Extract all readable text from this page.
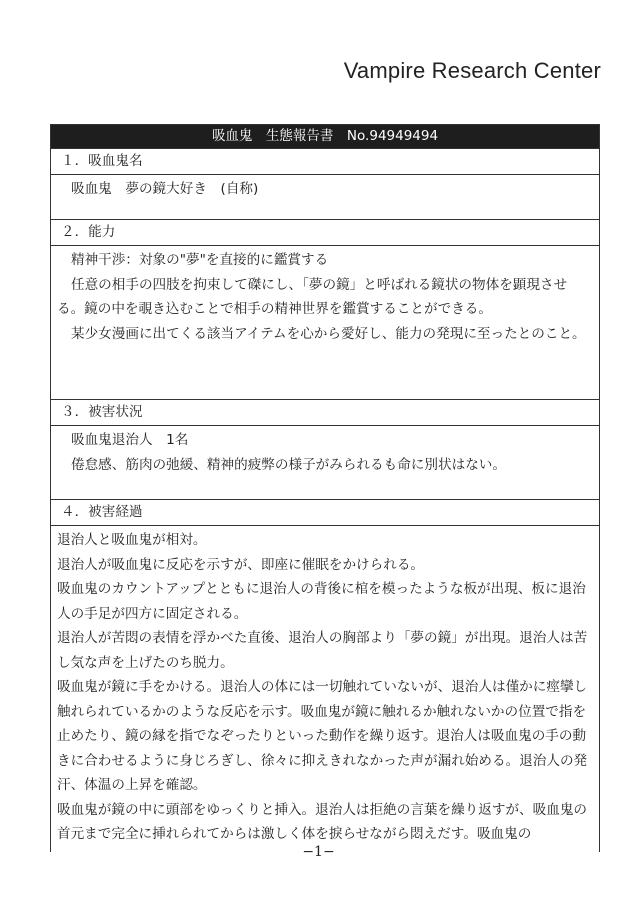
Vampire Research Center
吸血鬼　生態報告書　No.94949494
１．吸血鬼名

吸血鬼　夢の鏡大好き　(自称)

２．能力

精神干渉：対象の"夢"を直接的に鑑賞する

任意の相手の四肢を拘束して磔にし、「夢の鏡」と呼ばれる鏡状の物体を顕現させる。鏡の中を覗き込むことで相手の精神世界を鑑賞することができる。

某少女漫画に出てくる該当アイテムを心から愛好し、能力の発現に至ったとのこと。

３．被害状況

吸血鬼退治人　1名

倦怠感、筋肉の弛緩、精神的疲弊の様子がみられるも命に別状はない。

４．被害経過

退治人と吸血鬼が相対。

退治人が吸血鬼に反応を示すが、即座に催眠をかけられる。

吸血鬼のカウントアップとともに退治人の背後に棺を模ったような板が出現、板に退治人の手足が四方に固定される。

退治人が苦悶の表情を浮かべた直後、退治人の胸部より「夢の鏡」が出現。退治人は苦し気な声を上げたのち脱力。

吸血鬼が鏡に手をかける。退治人の体には一切触れていないが、退治人は僅かに痙攣し触れられているかのような反応を示す。吸血鬼が鏡に触れるか触れないかの位置で指を止めたり、鏡の縁を指でなぞったりといった動作を繰り返す。退治人は吸血鬼の手の動きに合わせるように身じろぎし、徐々に抑えきれなかった声が漏れ始める。退治人の発汗、体温の上昇を確認。

吸血鬼が鏡の中に頭部をゆっくりと挿入。退治人は拒絶の言葉を繰り返すが、吸血鬼の首元まで完全に挿れられてからは激しく体を捩らせながら悶えだす。吸血鬼の

−1−
